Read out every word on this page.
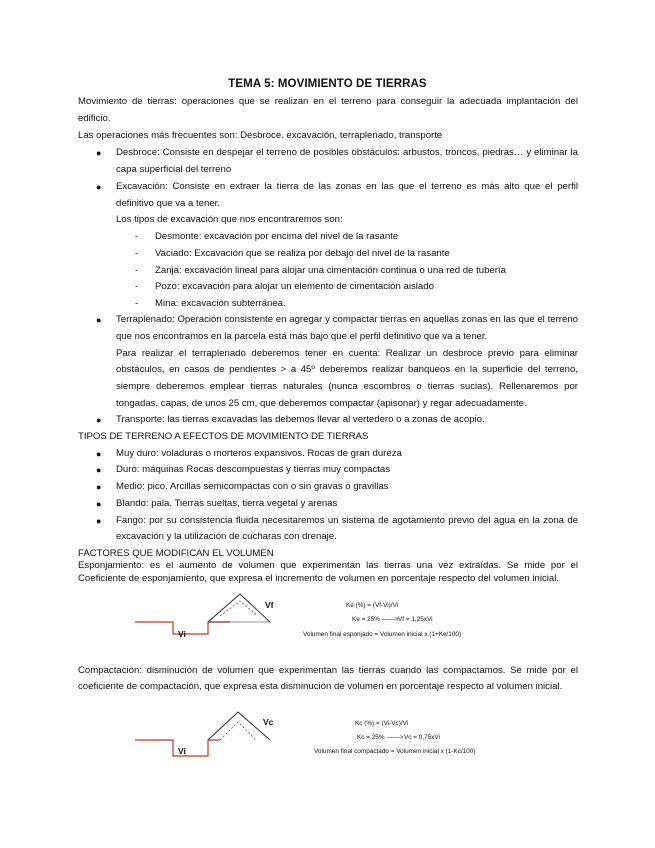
TEMA 5: MOVIMIENTO DE TIERRAS
Movimiento de tierras: operaciones que se realizan en el terreno para conseguir la adecuada implantación del
edificio.
Las operaciones más frecuentes son: Desbroce. excavación, terraplenado, transporte
● Desbroce: Consiste en despejar el terreno de posibles obstáculos: arbustos, troncos, piedras… y eliminar la
capa superficial del terreno
● Excavación: Consiste en extraer la tierra de las zonas en las que el terreno es más alto que el perfil
definitivo que va a tener.
Los tipos de excavación que nos encontraremos son:
- Desmonte: excavación por encima del nivel de la rasante
- Vaciado: Excavación que se realiza por debajo del nivel de la rasante
- Zanja: excavación lineal para alojar una cimentación continua o una red de tubería
- Pozo: excavación para alojar un elemento de cimentación aislado
- Mina: excavación subterránea.
● Terraplenado: Operación consistente en agregar y compactar tierras en aquellas zonas en las que el terreno
que nos encontramos en la parcela está más bajo que el perfil definitivo que va a tener.
Para realizar el terraplenado deberemos tener en cuenta: Realizar un desbroce previo para eliminar
obstáculos, en casos de pendientes > a 45º deberemos realizar banqueos en la superficie del terreno,
siempre deberemos emplear tierras naturales (nunca escombros o tierras sucias). Rellenaremos por
tongadas, capas, de unos 25 cm, que deberemos compactar (apisonar) y regar adecuadamente.
● Transporte: las tierras excavadas las debemos llevar al vertedero o a zonas de acopio.
TIPOS DE TERRENO A EFECTOS DE MOVIMIENTO DE TIERRAS
● Muy duro: voladuras o morteros expansivos. Rocas de gran dureza
● Duro: máquinas Rocas descompuestas y tierras muy compactas
● Medio: pico. Arcillas semicompactas con o sin gravas o gravillas
● Blando: pala. Tierras sueltas, tierra vegetal y arenas
● Fango: por su consistencia fluida necesitaremos un sistema de agotamiento previo del agua en la zona de
excavación y la utilización de cucharas con drenaje.
FACTORES QUE MODIFICAN EL VOLUMEN
Esponjamiento: es el aumento de volumen que experimentan las tierras una vez extraídas. Se mide por el
Coeficiente de esponjamiento, que expresa el incremento de volumen en porcentaje respecto del volumen inicial.
Vf
Vi
Ke (%) = (Vf-Vi)/Vi
Ke = 25% ——> Vf = 1,25xVi
Volumen final esponjado = Volumen inicial x (1+Ke/100)
Compactación: disminución de volumen que experimentan las tierras cuando las compactamos. Se mide por el
coeficiente de compactación, que expresa esta disminución de volumen en porcentaje respecto al volumen inicial.
Vc
Vi
Kc (%) = (Vi-Vc)/Vi
Kc = 25% ——> Vc = 0,75xVi
Volumen final compactado = Volumen inicial x (1-Kc/100)
